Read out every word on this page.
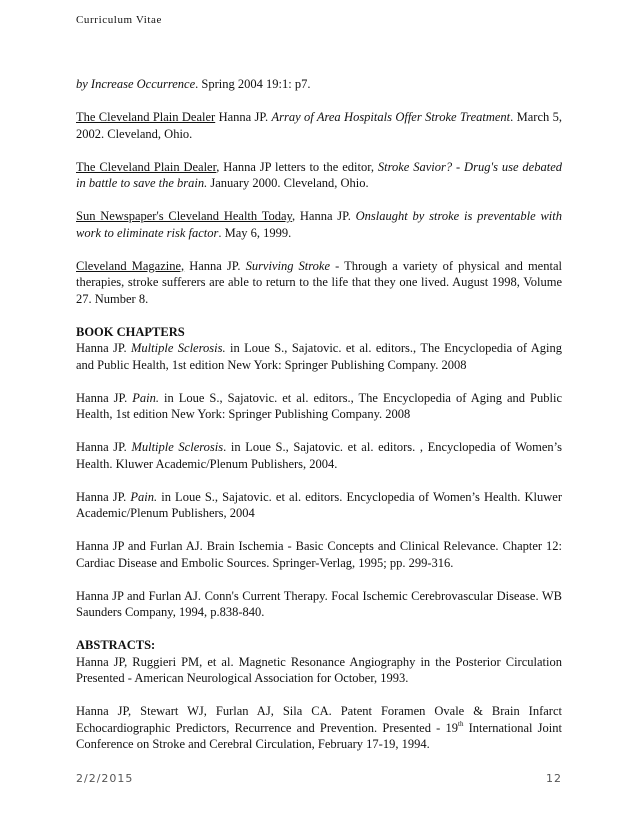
Curriculum Vitae

by Increase Occurrence. Spring 2004 19:1: p7.

The Cleveland Plain Dealer Hanna JP. Array of Area Hospitals Offer Stroke Treatment. March 5, 2002. Cleveland, Ohio.

The Cleveland Plain Dealer, Hanna JP letters to the editor, Stroke Savior? - Drug's use debated in battle to save the brain. January 2000. Cleveland, Ohio.

Sun Newspaper's Cleveland Health Today, Hanna JP. Onslaught by stroke is preventable with work to eliminate risk factor. May 6, 1999.

Cleveland Magazine, Hanna JP. Surviving Stroke - Through a variety of physical and mental therapies, stroke sufferers are able to return to the life that they one lived. August 1998, Volume 27. Number 8.

BOOK CHAPTERS

Hanna JP. Multiple Sclerosis. in Loue S., Sajatovic. et al. editors., The Encyclopedia of Aging and Public Health, 1st edition New York: Springer Publishing Company. 2008

Hanna JP. Pain. in Loue S., Sajatovic. et al. editors., The Encyclopedia of Aging and Public Health, 1st edition New York: Springer Publishing Company. 2008

Hanna JP. Multiple Sclerosis. in Loue S., Sajatovic. et al. editors. , Encyclopedia of Women’s Health. Kluwer Academic/Plenum Publishers, 2004.

Hanna JP. Pain. in Loue S., Sajatovic. et al. editors. Encyclopedia of Women’s Health. Kluwer Academic/Plenum Publishers, 2004

Hanna JP and Furlan AJ. Brain Ischemia - Basic Concepts and Clinical Relevance. Chapter 12: Cardiac Disease and Embolic Sources. Springer-Verlag, 1995; pp. 299-316.

Hanna JP and Furlan AJ. Conn's Current Therapy. Focal Ischemic Cerebrovascular Disease. WB Saunders Company, 1994, p.838-840.

ABSTRACTS:

Hanna JP, Ruggieri PM, et al. Magnetic Resonance Angiography in the Posterior Circulation Presented - American Neurological Association for October, 1993.

Hanna JP, Stewart WJ, Furlan AJ, Sila CA. Patent Foramen Ovale & Brain Infarct Echocardiographic Predictors, Recurrence and Prevention. Presented - 19th International Joint Conference on Stroke and Cerebral Circulation, February 17-19, 1994.

2/2/2015	12
